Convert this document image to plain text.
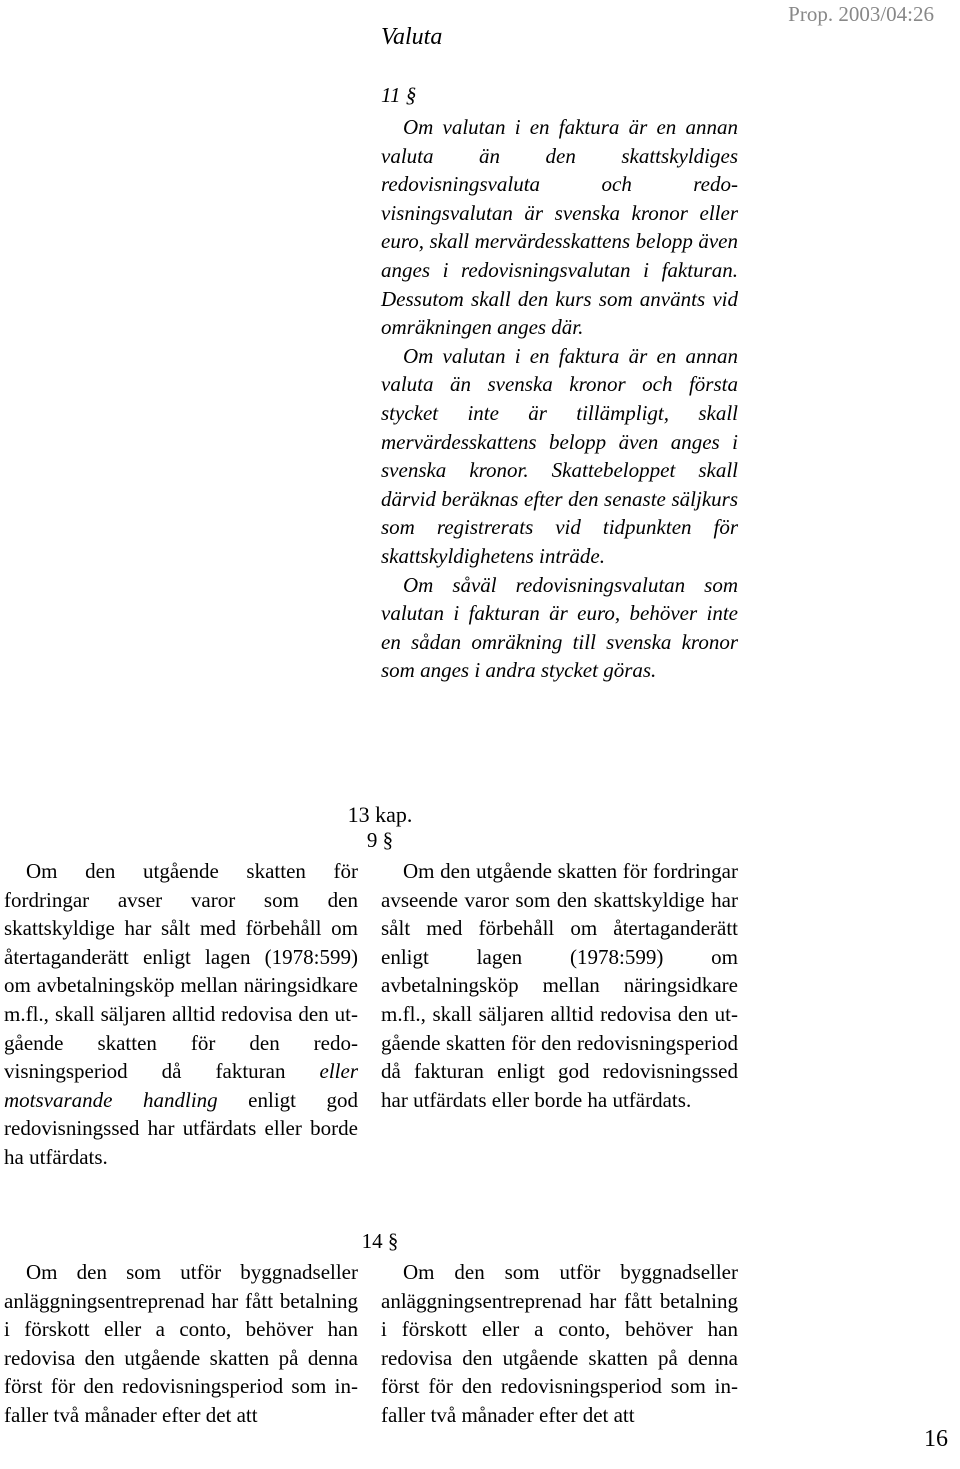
Prop. 2003/04:26
Valuta
11 §

Om valutan i en faktura är en annan valuta än den skattskyldiges redovisningsvaluta och redovisningsvalutan är svenska kronor eller euro, skall mervärdesskattens belopp även anges i redovisningsvalutan i fakturan. Dessutom skall den kurs som använts vid omräkningen anges där.

Om valutan i en faktura är en annan valuta än svenska kronor och första stycket inte är tillämpligt, skall mervärdesskattens belopp även anges i svenska kronor. Skattebeloppet skall därvid beräknas efter den senaste säljkurs som registrerats vid tidpunkten för skattskyldighetens inträde.

Om såväl redovisningsvalutan som valutan i fakturan är euro, behöver inte en sådan omräkning till svenska kronor som anges i andra stycket göras.

13 kap.
9 §

Om den utgående skatten för fordringar avser varor som den skattskyldige har sålt med förbehåll om återtaganderätt enligt lagen (1978:599) om avbetalningsköp mellan näringsidkare m.fl., skall säljaren alltid redovisa den utgående skatten för den redovisningsperiod då fakturan eller motsvarande handling enligt god redovisningssed har utfärdats eller borde ha utfärdats.

Om den utgående skatten för fordringar avseende varor som den skattskyldige har sålt med förbehåll om återtaganderätt enligt lagen (1978:599) om avbetalningsköp mellan näringsidkare m.fl., skall säljaren alltid redovisa den utgående skatten för den redovisningsperiod då fakturan enligt god redovisningssed har utfärdats eller borde ha utfärdats.

14 §

Om den som utför byggnadseller anläggningsentreprenad har fått betalning i förskott eller a conto, behöver han redovisa den utgående skatten på denna först för den redovisningsperiod som infaller två månader efter det att

Om den som utför byggnadseller anläggningsentreprenad har fått betalning i förskott eller a conto, behöver han redovisa den utgående skatten på denna först för den redovisningsperiod som infaller två månader efter det att

16
